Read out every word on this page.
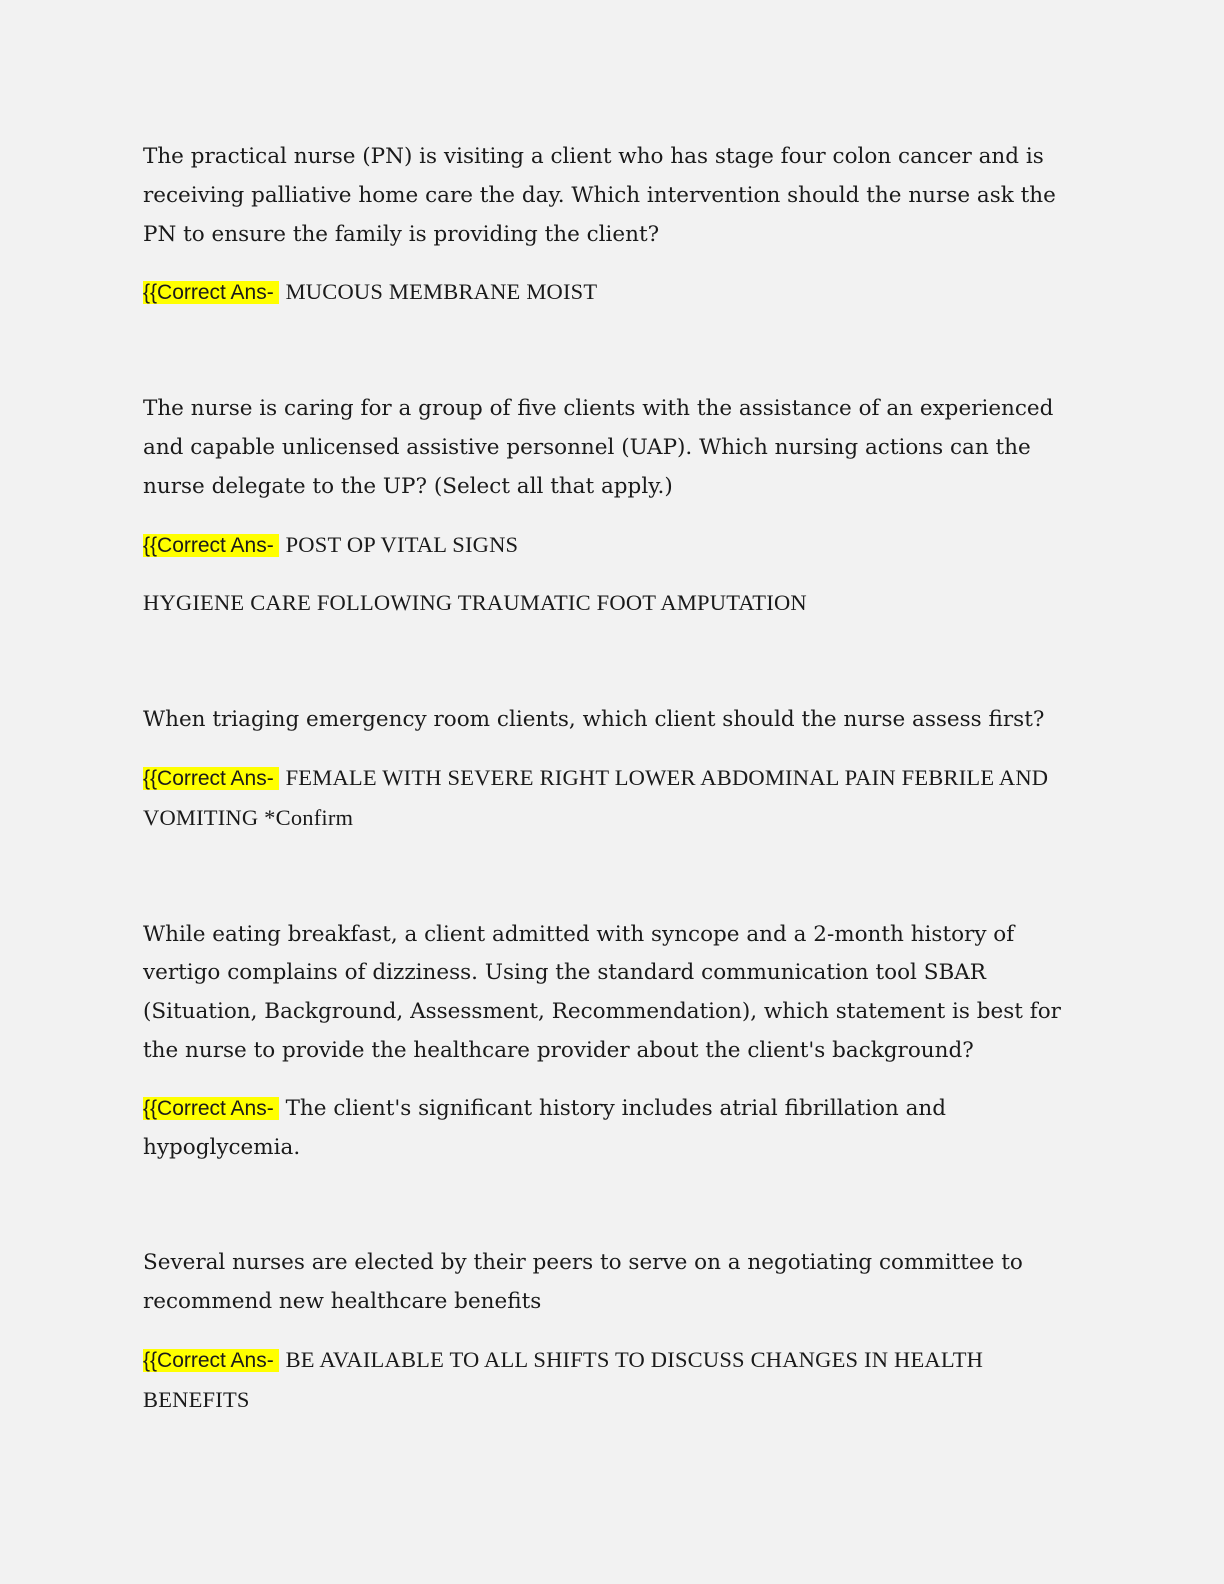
The practical nurse (PN) is visiting a client who has stage four colon cancer and is receiving palliative home care the day. Which intervention should the nurse ask the PN to ensure the family is providing the client?

{{Correct Ans- MUCOUS MEMBRANE MOIST

The nurse is caring for a group of five clients with the assistance of an experienced and capable unlicensed assistive personnel (UAP). Which nursing actions can the nurse delegate to the UP? (Select all that apply.)

{{Correct Ans- POST OP VITAL SIGNS

HYGIENE CARE FOLLOWING TRAUMATIC FOOT AMPUTATION

When triaging emergency room clients, which client should the nurse assess first?

{{Correct Ans- FEMALE WITH SEVERE RIGHT LOWER ABDOMINAL PAIN FEBRILE AND VOMITING *Confirm

While eating breakfast, a client admitted with syncope and a 2-month history of vertigo complains of dizziness. Using the standard communication tool SBAR (Situation, Background, Assessment, Recommendation), which statement is best for the nurse to provide the healthcare provider about the client's background?

{{Correct Ans- The client's significant history includes atrial fibrillation and hypoglycemia.

Several nurses are elected by their peers to serve on a negotiating committee to recommend new healthcare benefits

{{Correct Ans- BE AVAILABLE TO ALL SHIFTS TO DISCUSS CHANGES IN HEALTH BENEFITS
